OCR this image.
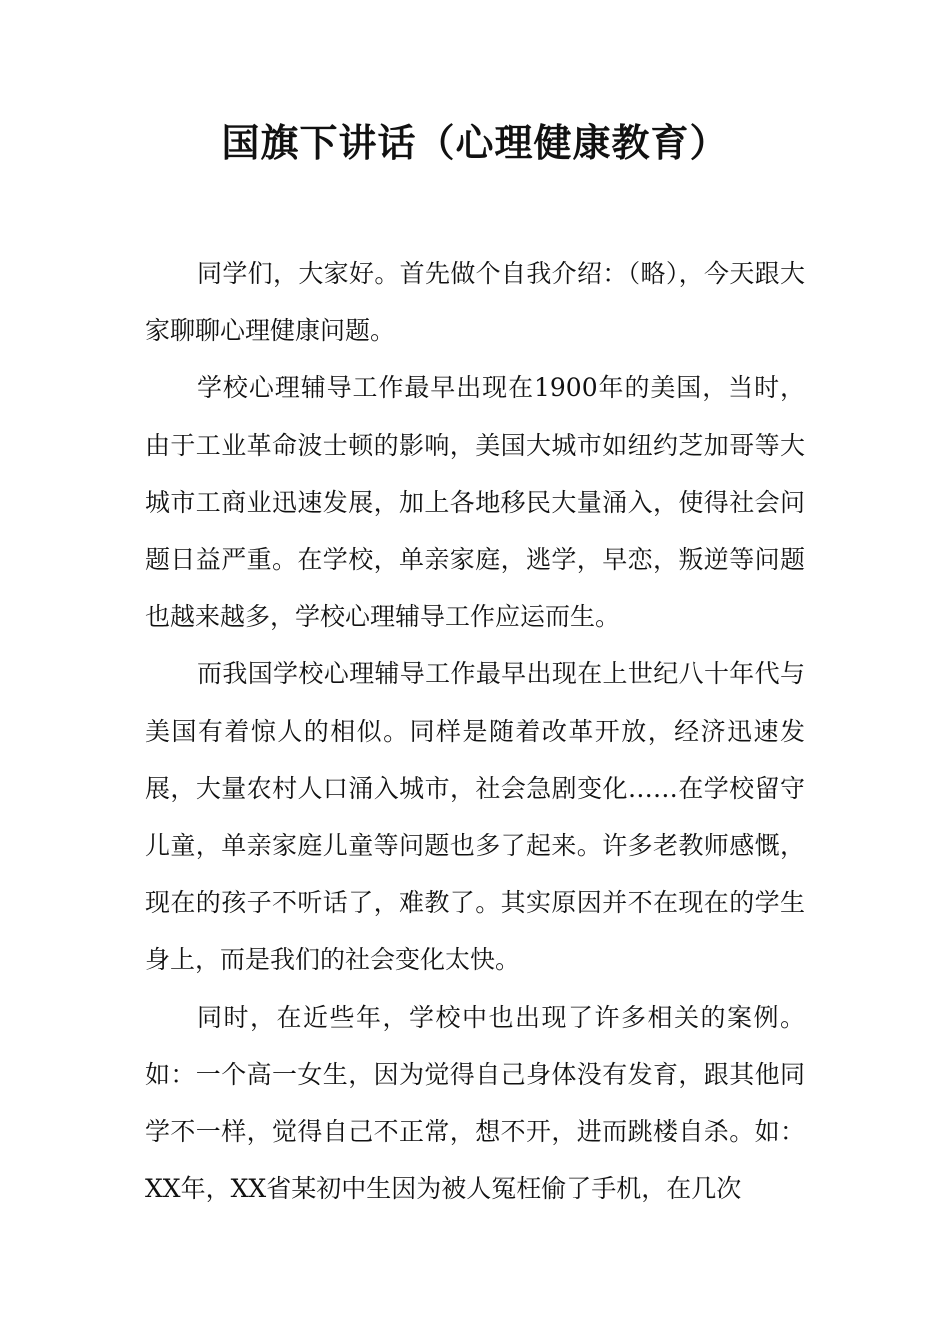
国旗下讲话（心理健康教育）

同学们，大家好。首先做个自我介绍：（略），今天跟大家聊聊心理健康问题。

学校心理辅导工作最早出现在1900年的美国，当时，由于工业革命波士顿的影响，美国大城市如纽约芝加哥等大城市工商业迅速发展，加上各地移民大量涌入，使得社会问题日益严重。在学校，单亲家庭，逃学，早恋，叛逆等问题也越来越多，学校心理辅导工作应运而生。

而我国学校心理辅导工作最早出现在上世纪八十年代与美国有着惊人的相似。同样是随着改革开放，经济迅速发展，大量农村人口涌入城市，社会急剧变化……在学校留守儿童，单亲家庭儿童等问题也多了起来。许多老教师感慨，现在的孩子不听话了，难教了。其实原因并不在现在的学生身上，而是我们的社会变化太快。

同时，在近些年，学校中也出现了许多相关的案例。如：一个高一女生，因为觉得自己身体没有发育，跟其他同学不一样，觉得自己不正常，想不开，进而跳楼自杀。如：XX年，XX省某初中生因为被人冤枉偷了手机，在几次
